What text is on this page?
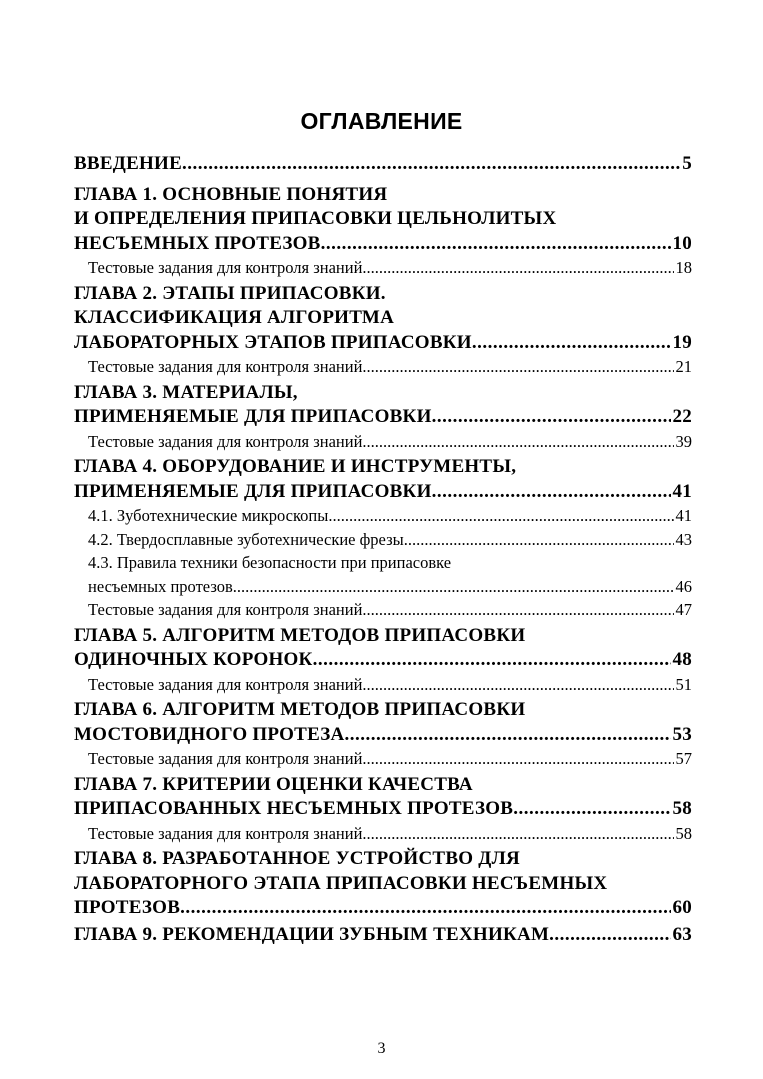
ОГЛАВЛЕНИЕ
ВВЕДЕНИЕ .....	5
ГЛАВА 1. ОСНОВНЫЕ ПОНЯТИЯ
И ОПРЕДЕЛЕНИЯ ПРИПАСОВКИ ЦЕЛЬНОЛИТЫХ
НЕСЪЕМНЫХ ПРОТЕЗОВ .....	10
Тестовые задания для контроля знаний .....	18
ГЛАВА 2. ЭТАПЫ ПРИПАСОВКИ.
КЛАССИФИКАЦИЯ АЛГОРИТМА
ЛАБОРАТОРНЫХ ЭТАПОВ ПРИПАСОВКИ .....	19
Тестовые задания для контроля знаний .....	21
ГЛАВА 3. МАТЕРИАЛЫ,
ПРИМЕНЯЕМЫЕ ДЛЯ ПРИПАСОВКИ .....	22
Тестовые задания для контроля знаний .....	39
ГЛАВА 4. ОБОРУДОВАНИЕ И ИНСТРУМЕНТЫ,
ПРИМЕНЯЕМЫЕ ДЛЯ ПРИПАСОВКИ .....	41
4.1. Зуботехнические микроскопы .....	41
4.2. Твердосплавные зуботехнические фрезы .....	43
4.3. Правила техники безопасности при припасовке
несъемных протезов .....	46
Тестовые задания для контроля знаний .....	47
ГЛАВА 5. АЛГОРИТМ МЕТОДОВ ПРИПАСОВКИ
ОДИНОЧНЫХ КОРОНОК .....	48
Тестовые задания для контроля знаний .....	51
ГЛАВА 6. АЛГОРИТМ МЕТОДОВ ПРИПАСОВКИ
МОСТОВИДНОГО ПРОТЕЗА .....	53
Тестовые задания для контроля знаний .....	57
ГЛАВА 7. КРИТЕРИИ ОЦЕНКИ КАЧЕСТВА
ПРИПАСОВАННЫХ НЕСЪЕМНЫХ ПРОТЕЗОВ .....	58
Тестовые задания для контроля знаний .....	58
ГЛАВА 8. РАЗРАБОТАННОЕ УСТРОЙСТВО ДЛЯ
ЛАБОРАТОРНОГО ЭТАПА ПРИПАСОВКИ НЕСЪЕМНЫХ
ПРОТЕЗОВ .....	60
ГЛАВА 9. РЕКОМЕНДАЦИИ ЗУБНЫМ ТЕХНИКАМ .....	63
3
